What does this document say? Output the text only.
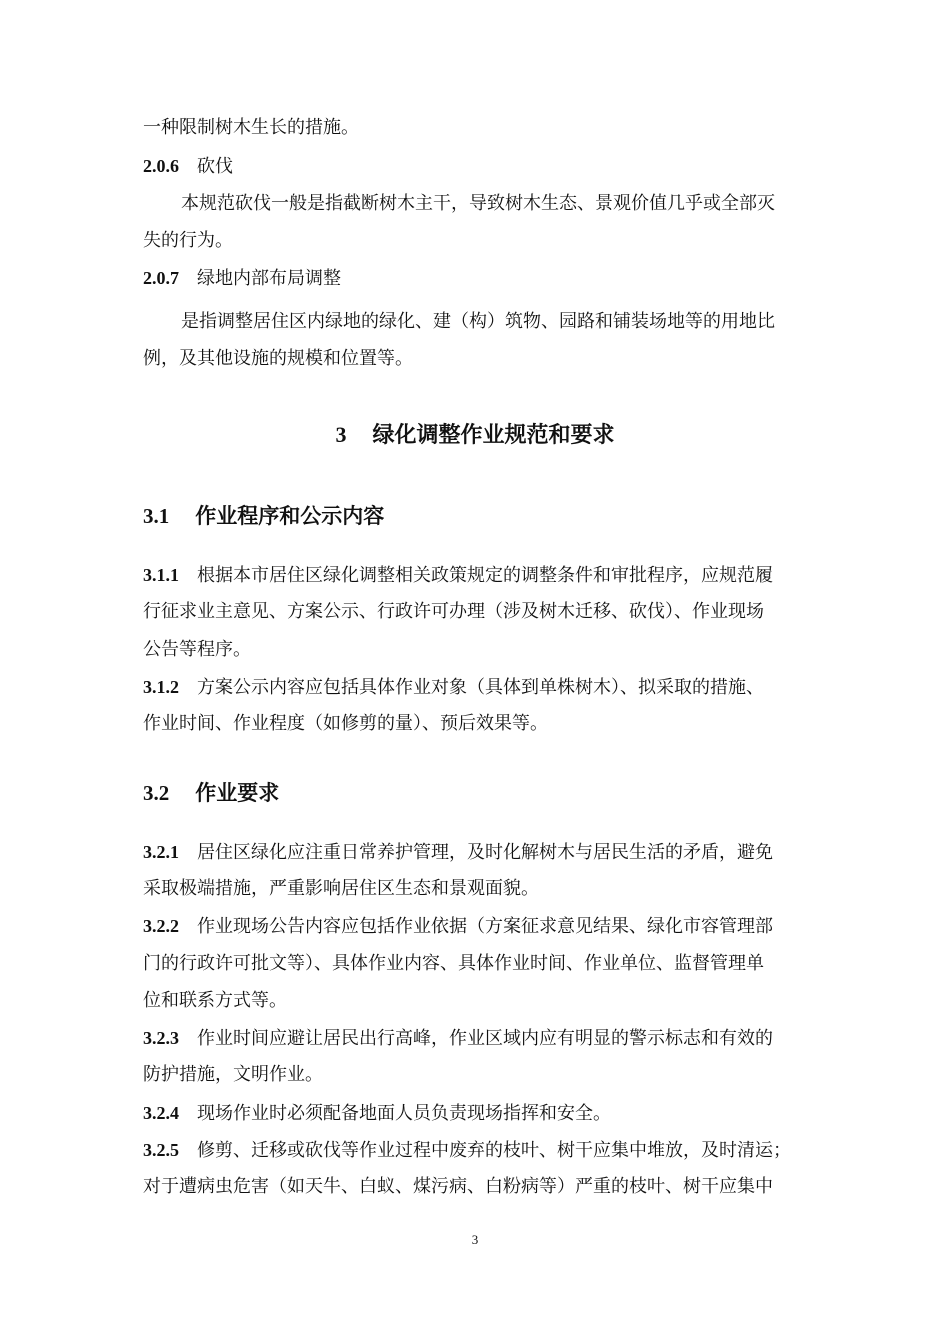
一种限制树木生长的措施。
2.0.6 砍伐
本规范砍伐一般是指截断树木主干，导致树木生态、景观价值几乎或全部灭
失的行为。
2.0.7 绿地内部布局调整
是指调整居住区内绿地的绿化、建（构）筑物、园路和铺装场地等的用地比
例，及其他设施的规模和位置等。
3 绿化调整作业规范和要求
3.1 作业程序和公示内容
3.1.1 根据本市居住区绿化调整相关政策规定的调整条件和审批程序，应规范履
行征求业主意见、方案公示、行政许可办理（涉及树木迁移、砍伐）、作业现场
公告等程序。
3.1.2 方案公示内容应包括具体作业对象（具体到单株树木）、拟采取的措施、
作业时间、作业程度（如修剪的量）、预后效果等。
3.2 作业要求
3.2.1 居住区绿化应注重日常养护管理，及时化解树木与居民生活的矛盾，避免
采取极端措施，严重影响居住区生态和景观面貌。
3.2.2 作业现场公告内容应包括作业依据（方案征求意见结果、绿化市容管理部
门的行政许可批文等）、具体作业内容、具体作业时间、作业单位、监督管理单
位和联系方式等。
3.2.3 作业时间应避让居民出行高峰，作业区域内应有明显的警示标志和有效的
防护措施，文明作业。
3.2.4 现场作业时必须配备地面人员负责现场指挥和安全。
3.2.5 修剪、迁移或砍伐等作业过程中废弃的枝叶、树干应集中堆放，及时清运；
对于遭病虫危害（如天牛、白蚁、煤污病、白粉病等）严重的枝叶、树干应集中
3
